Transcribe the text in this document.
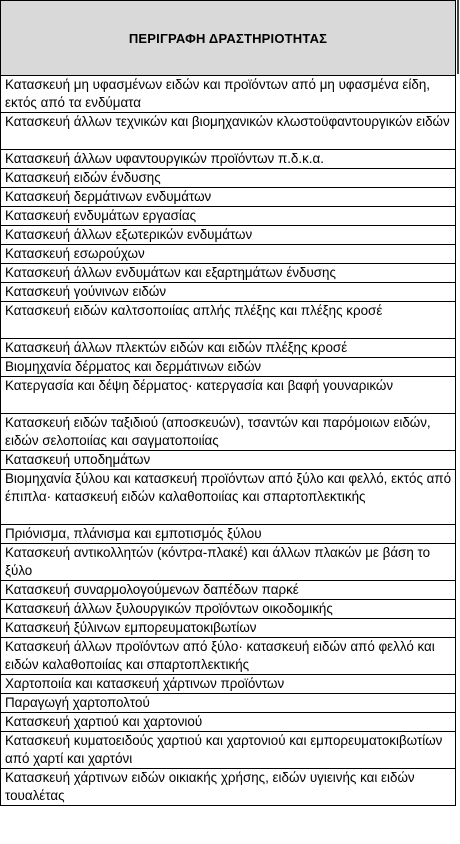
ΠΕΡΙΓΡΑΦΗ ΔΡΑΣΤΗΡΙΟΤΗΤΑΣ
Κατασκευή μη υφασμένων ειδών και προϊόντων από μη υφασμένα είδη, εκτός από τα ενδύματα
Κατασκευή άλλων τεχνικών και βιομηχανικών κλωστοϋφαντουργικών ειδών
Κατασκευή άλλων υφαντουργικών προϊόντων π.δ.κ.α.
Κατασκευή ειδών ένδυσης
Κατασκευή δερμάτινων ενδυμάτων
Κατασκευή ενδυμάτων εργασίας
Κατασκευή άλλων εξωτερικών ενδυμάτων
Κατασκευή εσωρούχων
Κατασκευή άλλων ενδυμάτων και εξαρτημάτων ένδυσης
Κατασκευή γούνινων ειδών
Κατασκευή ειδών καλτσοποιίας απλής πλέξης και πλέξης κροσέ
Κατασκευή άλλων πλεκτών ειδών και ειδών πλέξης κροσέ
Βιομηχανία δέρματος και δερμάτινων ειδών
Κατεργασία και δέψη δέρματος· κατεργασία και βαφή γουναρικών
Κατασκευή ειδών ταξιδιού (αποσκευών), τσαντών και παρόμοιων ειδών, ειδών σελοποιίας και σαγματοποιίας
Κατασκευή υποδημάτων
Βιομηχανία ξύλου και κατασκευή προϊόντων από ξύλο και φελλό, εκτός από έπιπλα· κατασκευή ειδών καλαθοποιίας και σπαρτοπλεκτικής
Πριόνισμα, πλάνισμα και εμποτισμός ξύλου
Κατασκευή αντικολλητών (κόντρα-πλακέ) και άλλων πλακών με βάση το ξύλο
Κατασκευή συναρμολογούμενων δαπέδων παρκέ
Κατασκευή άλλων ξυλουργικών προϊόντων οικοδομικής
Κατασκευή ξύλινων εμπορευματοκιβωτίων
Κατασκευή άλλων προϊόντων από ξύλο· κατασκευή ειδών από φελλό και ειδών καλαθοποιίας και σπαρτοπλεκτικής
Χαρτοποιία και κατασκευή χάρτινων προϊόντων
Παραγωγή χαρτοπολτού
Κατασκευή χαρτιού και χαρτονιού
Κατασκευή κυματοειδούς χαρτιού και χαρτονιού και εμπορευματοκιβωτίων από χαρτί και χαρτόνι
Κατασκευή χάρτινων ειδών οικιακής χρήσης, ειδών υγιεινής και ειδών τουαλέτας
